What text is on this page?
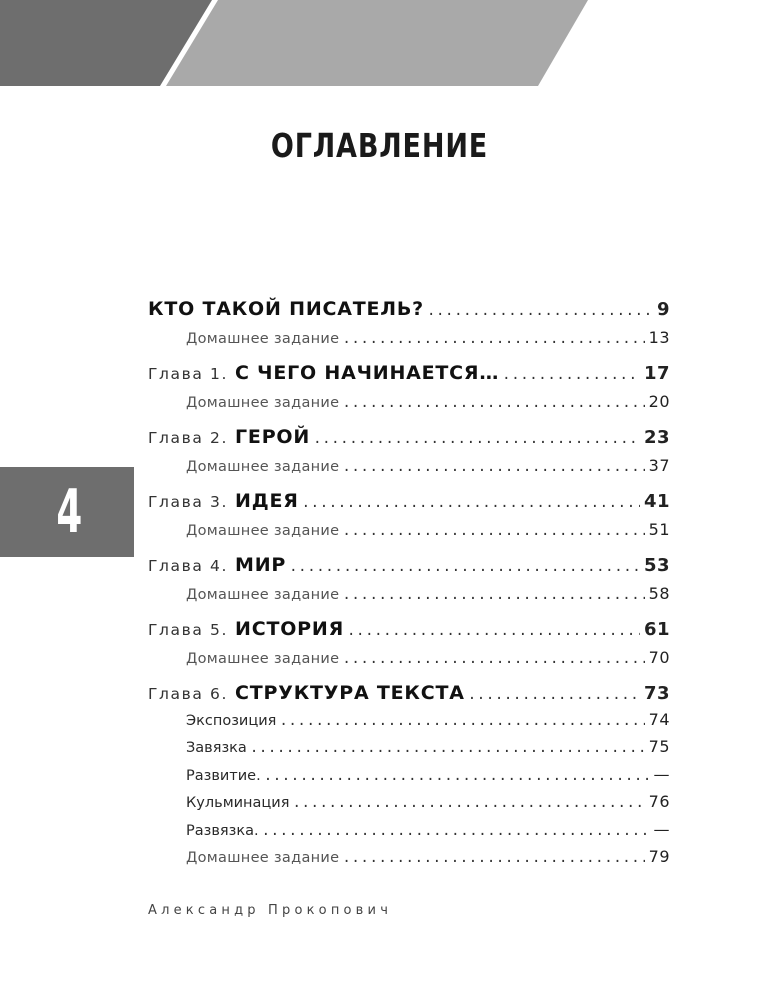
ОГЛАВЛЕНИЕ
4
КТО ТАКОЙ ПИСАТЕЛЬ? .....	9
Домашнее задание .....	13
Глава 1. С ЧЕГО НАЧИНАЕТСЯ… .....	17
Домашнее задание .....	20
Глава 2. ГЕРОЙ .....	23
Домашнее задание .....	37
Глава 3. ИДЕЯ .....	41
Домашнее задание .....	51
Глава 4. МИР .....	53
Домашнее задание .....	58
Глава 5. ИСТОРИЯ .....	61
Домашнее задание .....	70
Глава 6. СТРУКТУРА ТЕКСТА .....	73
Экспозиция .....	74
Завязка .....	75
Развитие. .....	—
Кульминация .....	76
Развязка. .....	—
Домашнее задание .....	79
Александр Прокопович
